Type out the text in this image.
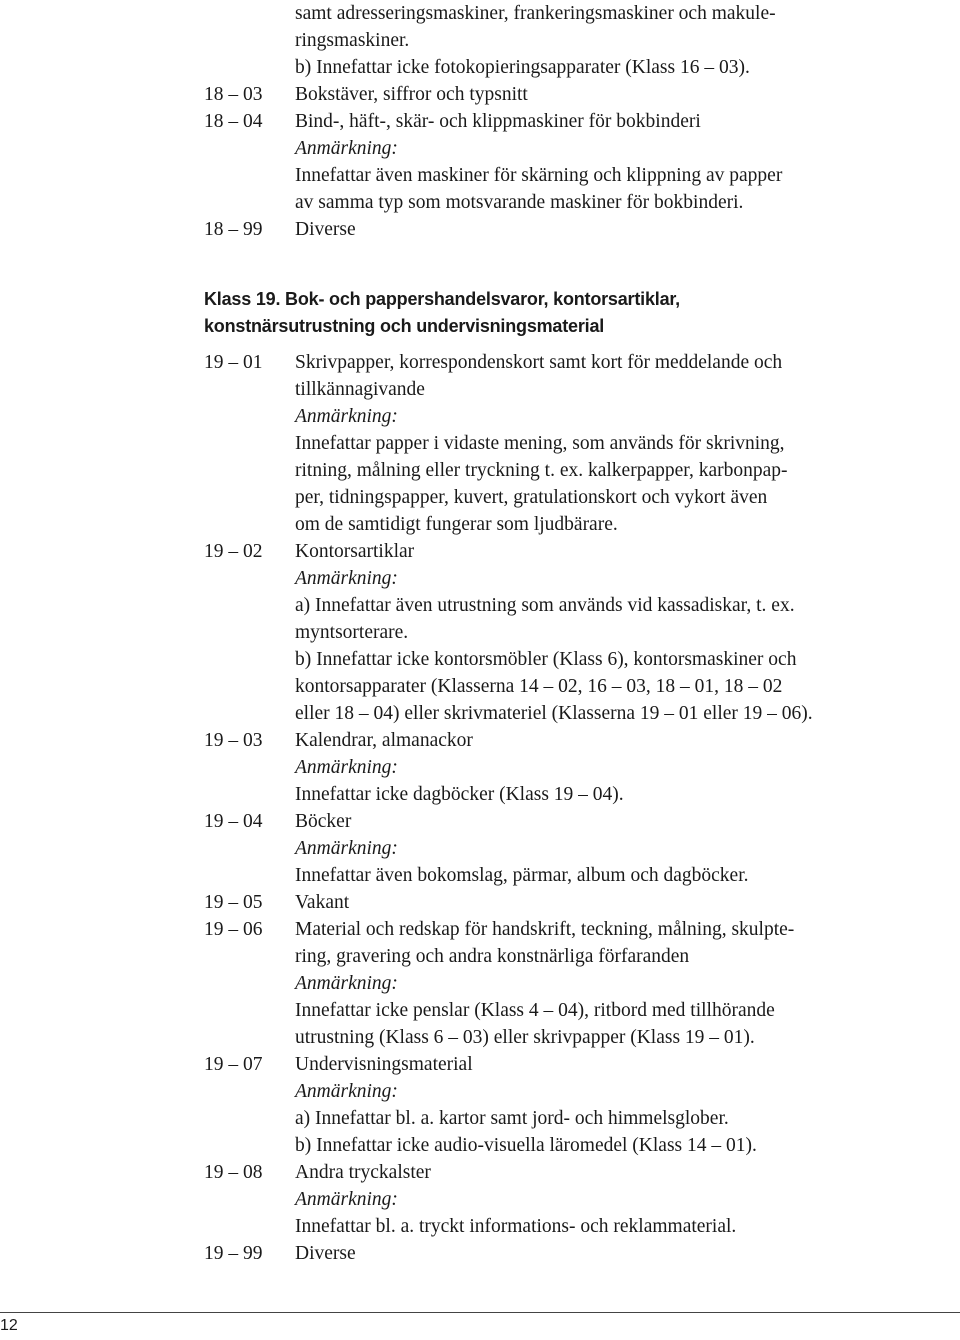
samt adresseringsmaskiner, frankeringsmaskiner och makule-
ringsmaskiner.
b) Innefattar icke fotokopieringsapparater (Klass 16 – 03).
18 – 03 Bokstäver, siffror och typsnitt
18 – 04 Bind-, häft-, skär- och klippmaskiner för bokbinderi
Anmärkning:
Innefattar även maskiner för skärning och klippning av papper
av samma typ som motsvarande maskiner för bokbinderi.
18 – 99 Diverse
Klass 19. Bok- och pappershandelsvaror, kontorsartiklar,
konstnärsutrustning och undervisningsmaterial
19 – 01 Skrivpapper, korrespondenskort samt kort för meddelande och
tillkännagivande
Anmärkning:
Innefattar papper i vidaste mening, som används för skrivning,
ritning, målning eller tryckning t. ex. kalkerpapper, karbonpap-
per, tidningspapper, kuvert, gratulationskort och vykort även
om de samtidigt fungerar som ljudbärare.
19 – 02 Kontorsartiklar
Anmärkning:
a) Innefattar även utrustning som används vid kassadiskar, t. ex.
myntsorterare.
b) Innefattar icke kontorsmöbler (Klass 6), kontorsmaskiner och
kontorsapparater (Klasserna 14 – 02, 16 – 03, 18 – 01, 18 – 02
eller 18 – 04) eller skrivmateriel (Klasserna 19 – 01 eller 19 – 06).
19 – 03 Kalendrar, almanackor
Anmärkning:
Innefattar icke dagböcker (Klass 19 – 04).
19 – 04 Böcker
Anmärkning:
Innefattar även bokomslag, pärmar, album och dagböcker.
19 – 05 Vakant
19 – 06 Material och redskap för handskrift, teckning, målning, skulpte-
ring, gravering och andra konstnärliga förfaranden
Anmärkning:
Innefattar icke penslar (Klass 4 – 04), ritbord med tillhörande
utrustning (Klass 6 – 03) eller skrivpapper (Klass 19 – 01).
19 – 07 Undervisningsmaterial
Anmärkning:
a) Innefattar bl. a. kartor samt jord- och himmelsglober.
b) Innefattar icke audio-visuella läromedel (Klass 14 – 01).
19 – 08 Andra tryckalster
Anmärkning:
Innefattar bl. a. tryckt informations- och reklammaterial.
19 – 99 Diverse
12
